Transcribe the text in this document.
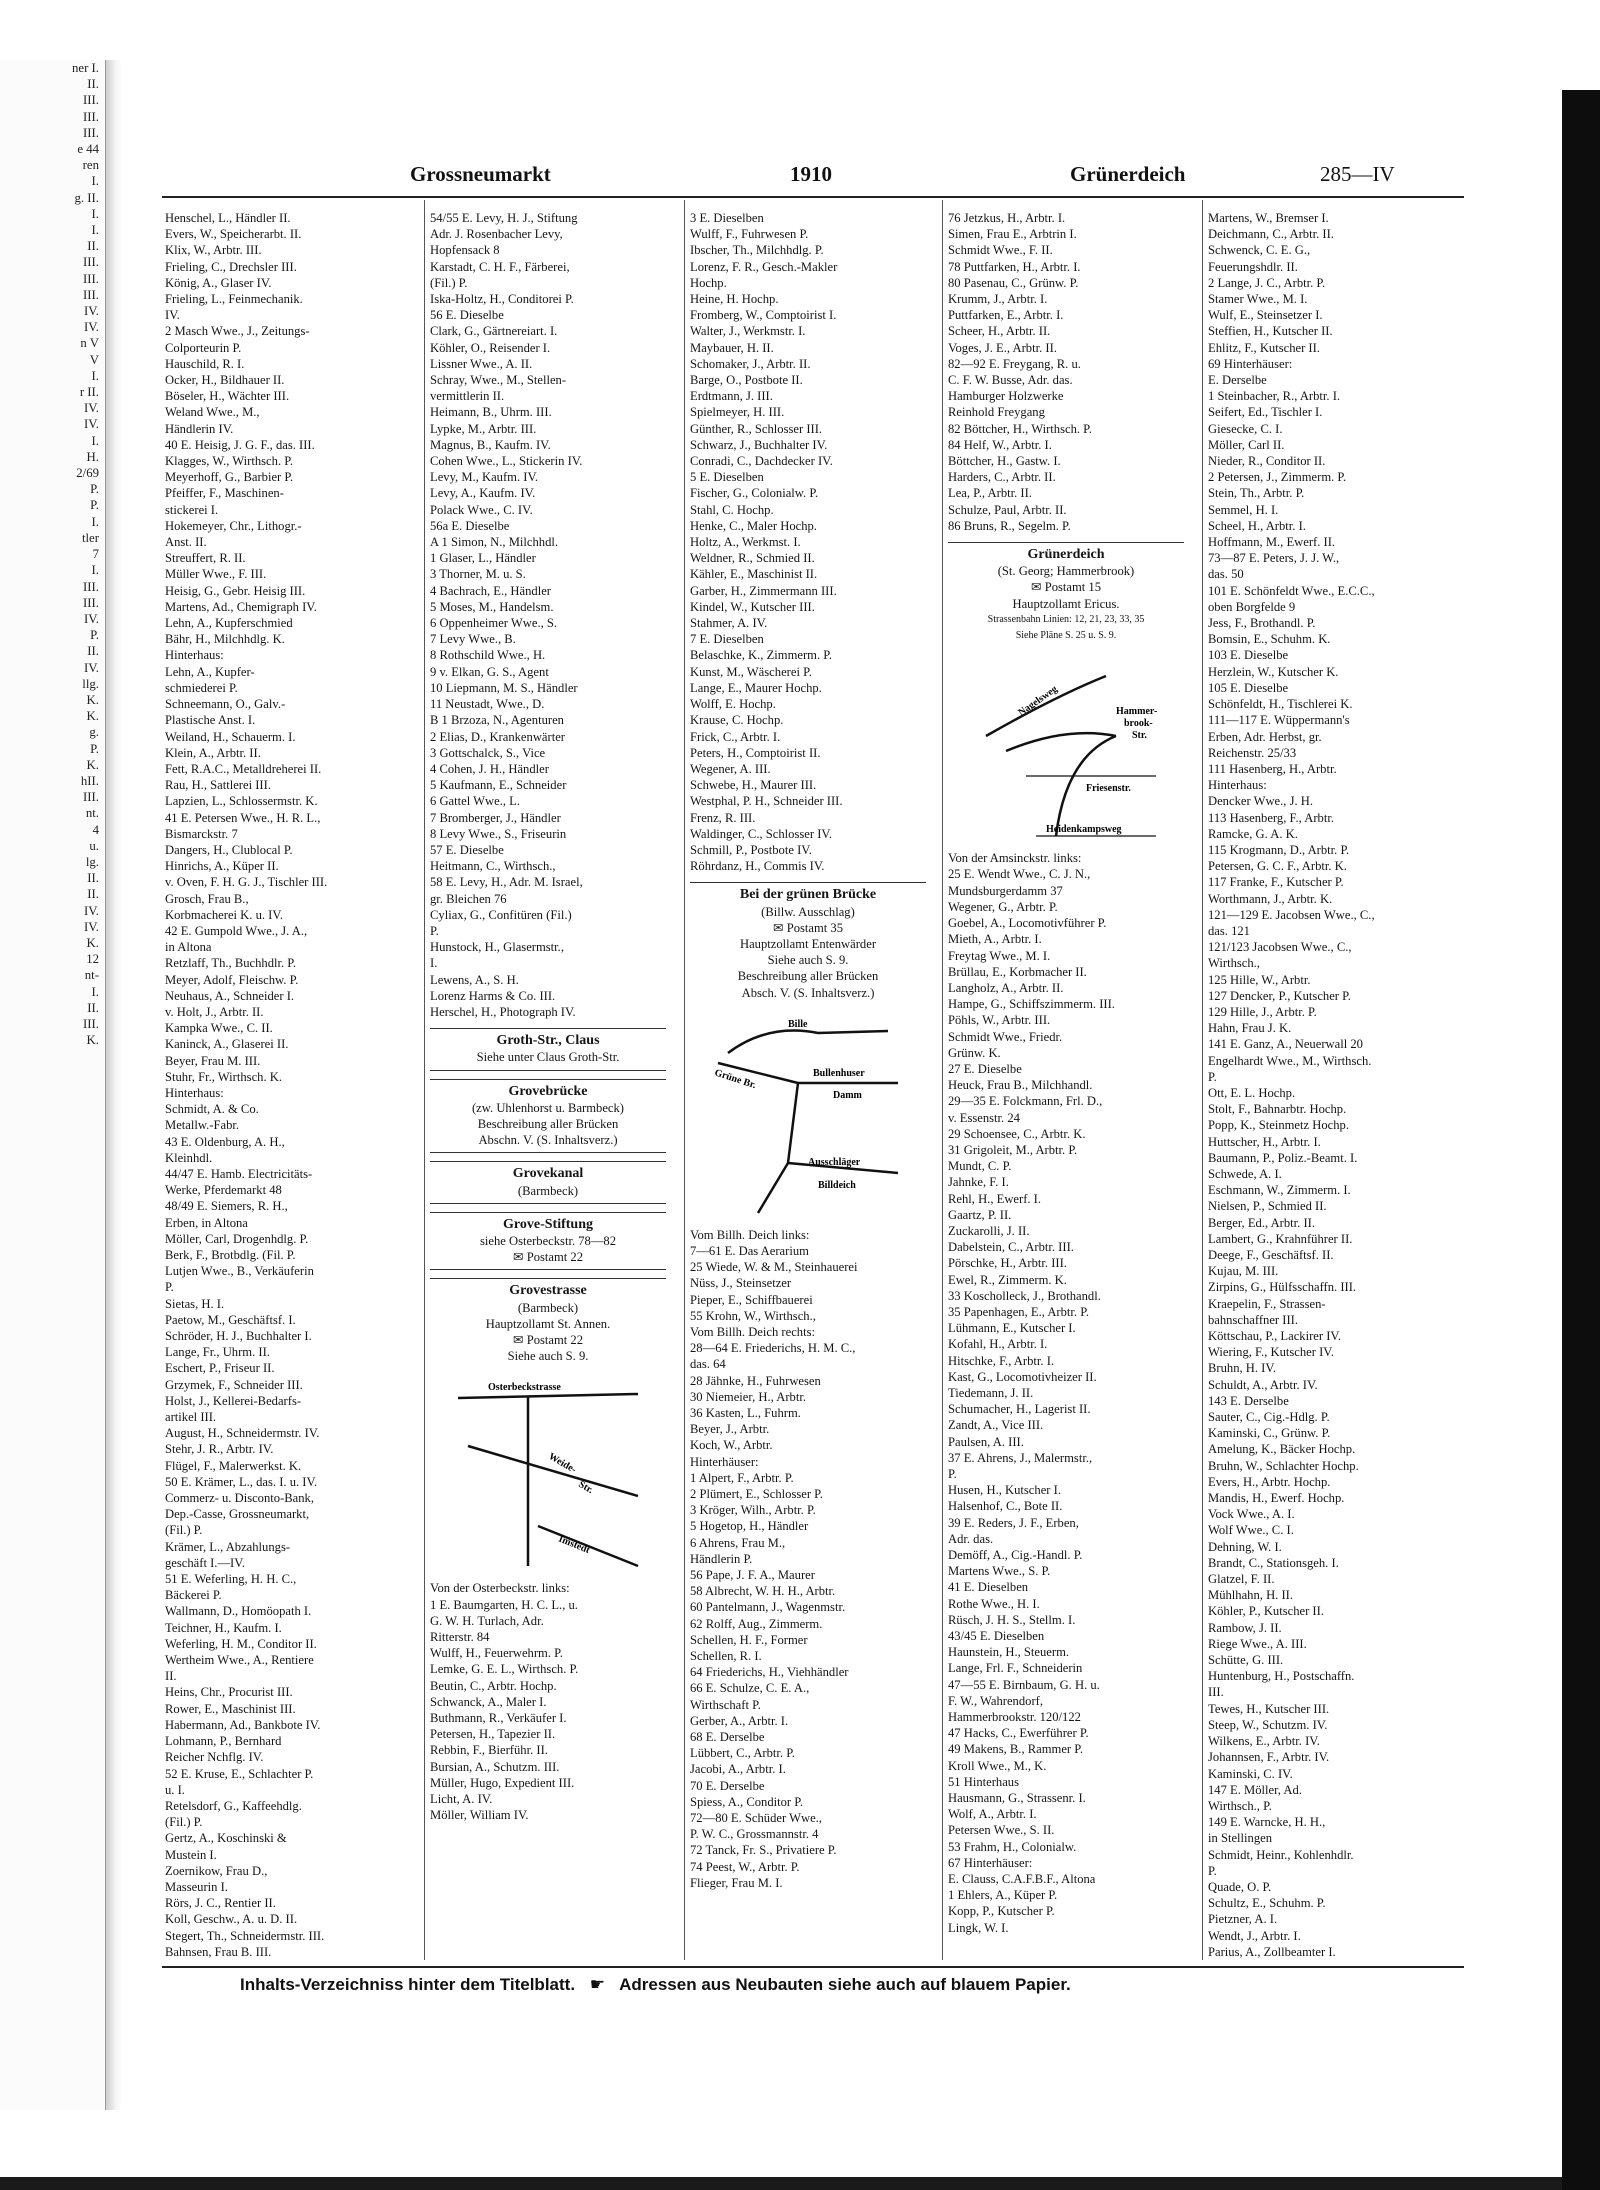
ner I.
II.
III.
III.
III.
e 44
ren
I.
g. II.
I.
I.
II.
III.
III.
III.
IV.
IV.
n V
V
I.
r II.
IV.
IV.
I.
H.
2/69
P.
P.
I.
tler
7
I.
III.
III.
IV.
P.
II.
IV.
llg.
K.
K.
g.
P.
K.
hII.
III.
nt.
4
u.
lg.
II.
II.
IV.
IV.
K.
12
nt-
I.
II.
III.
K.
Grossneumarkt	1910	Grünerdeich	285—IV
Henschel, L., Händler II.
Evers, W., Speicherarbt. II.
Klix, W., Arbtr. III.
Frieling, C., Drechsler III.
König, A., Glaser IV.
Frieling, L., Feinmechanik.
IV.
2 Masch Wwe., J., Zeitungs-
Colporteurin P.
Hauschild, R. I.
Ocker, H., Bildhauer II.
Böseler, H., Wächter III.
Weland Wwe., M.,
Händlerin IV.
40 E. Heisig, J. G. F., das. III.
Klagges, W., Wirthsch. P.
Meyerhoff, G., Barbier P.
Pfeiffer, F., Maschinen-
stickerei I.
Hokemeyer, Chr., Lithogr.-
Anst. II.
Streuffert, R. II.
Müller Wwe., F. III.
Heisig, G., Gebr. Heisig III.
Martens, Ad., Chemigraph IV.
Lehn, A., Kupferschmied
Bähr, H., Milchhdlg. K.
Hinterhaus:
Lehn, A., Kupfer-
schmiederei P.
Schneemann, O., Galv.-
Plastische Anst. I.
Weiland, H., Schauerm. I.
Klein, A., Arbtr. II.
Fett, R.A.C., Metalldreherei II.
Rau, H., Sattlerei III.
Lapzien, L., Schlossermstr. K.
41 E. Petersen Wwe., H. R. L.,
Bismarckstr. 7
Dangers, H., Clublocal P.
Hinrichs, A., Küper II.
v. Oven, F. H. G. J., Tischler III.
Grosch, Frau B.,
Korbmacherei K. u. IV.
42 E. Gumpold Wwe., J. A.,
in Altona
Retzlaff, Th., Buchhdlr. P.
Meyer, Adolf, Fleischw. P.
Neuhaus, A., Schneider I.
v. Holt, J., Arbtr. II.
Kampka Wwe., C. II.
Kaninck, A., Glaserei II.
Beyer, Frau M. III.
Stuhr, Fr., Wirthsch. K.
Hinterhaus:
Schmidt, A. & Co.
Metallw.-Fabr.
43 E. Oldenburg, A. H.,
Kleinhdl.
44/47 E. Hamb. Electricitäts-
Werke, Pferdemarkt 48
48/49 E. Siemers, R. H.,
Erben, in Altona
Möller, Carl, Drogenhdlg. P.
Berk, F., Brotbdlg. (Fil. P.
Lutjen Wwe., B., Verkäuferin
P.
Sietas, H. I.
Paetow, M., Geschäftsf. I.
Schröder, H. J., Buchhalter I.
Lange, Fr., Uhrm. II.
Eschert, P., Friseur II.
Grzymek, F., Schneider III.
Holst, J., Kellerei-Bedarfs-
artikel III.
August, H., Schneidermstr. IV.
Stehr, J. R., Arbtr. IV.
Flügel, F., Malerwerkst. K.
50 E. Krämer, L., das. I. u. IV.
Commerz- u. Disconto-Bank,
Dep.-Casse, Grossneumarkt,
(Fil.) P.
Krämer, L., Abzahlungs-
geschäft I.—IV.
51 E. Weferling, H. H. C.,
Bäckerei P.
Wallmann, D., Homöopath I.
Teichner, H., Kaufm. I.
Weferling, H. M., Conditor II.
Wertheim Wwe., A., Rentiere
II.
Heins, Chr., Procurist III.
Rower, E., Maschinist III.
Habermann, Ad., Bankbote IV.
Lohmann, P., Bernhard
Reicher Nchflg. IV.
52 E. Kruse, E., Schlachter P.
u. I.
Retelsdorf, G., Kaffeehdlg.
(Fil.) P.
Gertz, A., Koschinski &
Mustein I.
Zoernikow, Frau D.,
Masseurin I.
Rörs, J. C., Rentier II.
Koll, Geschw., A. u. D. II.
Stegert, Th., Schneidermstr. III.
Bahnsen, Frau B. III.
54/55 E. Levy, H. J., Stiftung
Adr. J. Rosenbacher Levy,
Hopfensack 8
Karstadt, C. H. F., Färberei,
(Fil.) P.
Iska-Holtz, H., Conditorei P.
56 E. Dieselbe
Clark, G., Gärtnereiart. I.
Köhler, O., Reisender I.
Lissner Wwe., A. II.
Schray, Wwe., M., Stellen-
vermittlerin II.
Heimann, B., Uhrm. III.
Lypke, M., Arbtr. III.
Magnus, B., Kaufm. IV.
Cohen Wwe., L., Stickerin IV.
Levy, M., Kaufm. IV.
Levy, A., Kaufm. IV.
Polack Wwe., C. IV.
56a E. Dieselbe
A 1 Simon, N., Milchhdl.
1 Glaser, L., Händler
3 Thorner, M. u. S.
4 Bachrach, E., Händler
5 Moses, M., Handelsm.
6 Oppenheimer Wwe., S.
7 Levy Wwe., B.
8 Rothschild Wwe., H.
9 v. Elkan, G. S., Agent
10 Liepmann, M. S., Händler
11 Neustadt, Wwe., D.
B 1 Brzoza, N., Agenturen
2 Elias, D., Krankenwärter
3 Gottschalck, S., Vice
4 Cohen, J. H., Händler
5 Kaufmann, E., Schneider
6 Gattel Wwe., L.
7 Bromberger, J., Händler
8 Levy Wwe., S., Friseurin
57 E. Dieselbe
Heitmann, C., Wirthsch.,
58 E. Levy, H., Adr. M. Israel,
gr. Bleichen 76
Cyliax, G., Confitüren (Fil.)
P.
Hunstock, H., Glasermstr.,
I.
Lewens, A., S. H.
Lorenz Harms & Co. III.
Herschel, H., Photograph IV.
Groth-Str., Claus
Siehe unter Claus Groth-Str.
Grovebrücke
(zw. Uhlenhorst u. Barmbeck)
Beschreibung aller Brücken
Abschn. V. (S. Inhaltsverz.)
Grovekanal
(Barmbeck)
Grove-Stiftung
siehe Osterbeckstr. 78—82
✉ Postamt 22
Grovestrasse
(Barmbeck)
Hauptzollamt St. Annen.
✉ Postamt 22
Siehe auch S. 9.
Osterbeckstrasse
Weide-
Str.
Imstedt
Von der Osterbeckstr. links:
1 E. Baumgarten, H. C. L., u.
G. W. H. Turlach, Adr.
Ritterstr. 84
Wulff, H., Feuerwehrm. P.
Lemke, G. E. L., Wirthsch. P.
Beutin, C., Arbtr. Hochp.
Schwanck, A., Maler I.
Buthmann, R., Verkäufer I.
Petersen, H., Tapezier II.
Rebbin, F., Bierführ. II.
Bursian, A., Schutzm. III.
Müller, Hugo, Expedient III.
Licht, A. IV.
Möller, William IV.
3 E. Dieselben
Wulff, F., Fuhrwesen P.
Ibscher, Th., Milchhdlg. P.
Lorenz, F. R., Gesch.-Makler
Hochp.
Heine, H. Hochp.
Fromberg, W., Comptoirist I.
Walter, J., Werkmstr. I.
Maybauer, H. II.
Schomaker, J., Arbtr. II.
Barge, O., Postbote II.
Erdtmann, J. III.
Spielmeyer, H. III.
Günther, R., Schlosser III.
Schwarz, J., Buchhalter IV.
Conradi, C., Dachdecker IV.
5 E. Dieselben
Fischer, G., Colonialw. P.
Stahl, C. Hochp.
Henke, C., Maler Hochp.
Holtz, A., Werkmst. I.
Weldner, R., Schmied II.
Kähler, E., Maschinist II.
Garber, H., Zimmermann III.
Kindel, W., Kutscher III.
Stahmer, A. IV.
7 E. Dieselben
Belaschke, K., Zimmerm. P.
Kunst, M., Wäscherei P.
Lange, E., Maurer Hochp.
Wolff, E. Hochp.
Krause, C. Hochp.
Frick, C., Arbtr. I.
Peters, H., Comptoirist II.
Wegener, A. III.
Schwebe, H., Maurer III.
Westphal, P. H., Schneider III.
Frenz, R. III.
Waldinger, C., Schlosser IV.
Schmill, P., Postbote IV.
Röhrdanz, H., Commis IV.
Bei der grünen Brücke
(Billw. Ausschlag)
✉ Postamt 35
Hauptzollamt Entenwärder
Siehe auch S. 9.
Beschreibung aller Brücken
Absch. V. (S. Inhaltsverz.)
Bille
Grüne Br.	Bullenhuser
Damm
Ausschläger
Billdeich
Vom Billh. Deich links:
7—61 E. Das Aerarium
25 Wiede, W. & M., Steinhauerei
Nüss, J., Steinsetzer
Pieper, E., Schiffbauerei
55 Krohn, W., Wirthsch.,
Vom Billh. Deich rechts:
28—64 E. Friederichs, H. M. C.,
das. 64
28 Jähnke, H., Fuhrwesen
30 Niemeier, H., Arbtr.
36 Kasten, L., Fuhrm.
Beyer, J., Arbtr.
Koch, W., Arbtr.
Hinterhäuser:
1 Alpert, F., Arbtr. P.
2 Plümert, E., Schlosser P.
3 Kröger, Wilh., Arbtr. P.
5 Hogetop, H., Händler
6 Ahrens, Frau M.,
Händlerin P.
56 Pape, J. F. A., Maurer
58 Albrecht, W. H. H., Arbtr.
60 Pantelmann, J., Wagenmstr.
62 Rolff, Aug., Zimmerm.
Schellen, H. F., Former
Schellen, R. I.
64 Friederichs, H., Viehhändler
66 E. Schulze, C. E. A.,
Wirthschaft P.
Gerber, A., Arbtr. I.
68 E. Derselbe
Lübbert, C., Arbtr. P.
Jacobi, A., Arbtr. I.
70 E. Derselbe
Spiess, A., Conditor P.
72—80 E. Schüder Wwe.,
P. W. C., Grossmannstr. 4
72 Tanck, Fr. S., Privatiere P.
74 Peest, W., Arbtr. P.
Flieger, Frau M. I.
76 Jetzkus, H., Arbtr. I.
Simen, Frau E., Arbtrin I.
Schmidt Wwe., F. II.
78 Puttfarken, H., Arbtr. I.
80 Pasenau, C., Grünw. P.
Krumm, J., Arbtr. I.
Puttfarken, E., Arbtr. I.
Scheer, H., Arbtr. II.
Voges, J. E., Arbtr. II.
82—92 E. Freygang, R. u.
C. F. W. Busse, Adr. das.
Hamburger Holzwerke
Reinhold Freygang
82 Böttcher, H., Wirthsch. P.
84 Helf, W., Arbtr. I.
Böttcher, H., Gastw. I.
Harders, C., Arbtr. II.
Lea, P., Arbtr. II.
Schulze, Paul, Arbtr. II.
86 Bruns, R., Segelm. P.
Grünerdeich
(St. Georg; Hammerbrook)
✉ Postamt 15
Hauptzollamt Ericus.
Strassenbahn Linien: 12, 21, 23, 33, 35
Siehe Pläne S. 25 u. S. 9.
Nagelsweg	Hammer-
brook-
Str.
Friesenstr.
Heidenkampsweg
Von der Amsinckstr. links:
25 E. Wendt Wwe., C. J. N.,
Mundsburgerdamm 37
Wegener, G., Arbtr. P.
Goebel, A., Locomotivführer P.
Mieth, A., Arbtr. I.
Freytag Wwe., M. I.
Brüllau, E., Korbmacher II.
Langholz, A., Arbtr. II.
Hampe, G., Schiffszimmerm. III.
Pöhls, W., Arbtr. III.
Schmidt Wwe., Friedr.
Grünw. K.
27 E. Dieselbe
Heuck, Frau B., Milchhandl.
29—35 E. Folckmann, Frl. D.,
v. Essenstr. 24
29 Schoensee, C., Arbtr. K.
31 Grigoleit, M., Arbtr. P.
Mundt, C. P.
Jahnke, F. I.
Rehl, H., Ewerf. I.
Gaartz, P. II.
Zuckarolli, J. II.
Dabelstein, C., Arbtr. III.
Pörschke, H., Arbtr. III.
Ewel, R., Zimmerm. K.
33 Koscholleck, J., Brothandl.
35 Papenhagen, E., Arbtr. P.
Lühmann, E., Kutscher I.
Kofahl, H., Arbtr. I.
Hitschke, F., Arbtr. I.
Kast, G., Locomotivheizer II.
Tiedemann, J. II.
Schumacher, H., Lagerist II.
Zandt, A., Vice III.
Paulsen, A. III.
37 E. Ahrens, J., Malermstr.,
P.
Husen, H., Kutscher I.
Halsenhof, C., Bote II.
39 E. Reders, J. F., Erben,
Adr. das.
Demöff, A., Cig.-Handl. P.
Martens Wwe., S. P.
41 E. Dieselben
Rothe Wwe., H. I.
Rüsch, J. H. S., Stellm. I.
43/45 E. Dieselben
Haunstein, H., Steuerm.
Lange, Frl. F., Schneiderin
47—55 E. Birnbaum, G. H. u.
F. W., Wahrendorf,
Hammerbrookstr. 120/122
47 Hacks, C., Ewerführer P.
49 Makens, B., Rammer P.
Kroll Wwe., M., K.
51 Hinterhaus
Hausmann, G., Strassenr. I.
Wolf, A., Arbtr. I.
Petersen Wwe., S. II.
53 Frahm, H., Colonialw.
67 Hinterhäuser:
E. Clauss, C.A.F.B.F., Altona
1 Ehlers, A., Küper P.
Kopp, P., Kutscher P.
Lingk, W. I.
Martens, W., Bremser I.
Deichmann, C., Arbtr. II.
Schwenck, C. E. G.,
Feuerungshdlr. II.
2 Lange, J. C., Arbtr. P.
Stamer Wwe., M. I.
Wulf, E., Steinsetzer I.
Steffien, H., Kutscher II.
Ehlitz, F., Kutscher II.
69 Hinterhäuser:
E. Derselbe
1 Steinbacher, R., Arbtr. I.
Seifert, Ed., Tischler I.
Giesecke, C. I.
Möller, Carl II.
Nieder, R., Conditor II.
2 Petersen, J., Zimmerm. P.
Stein, Th., Arbtr. P.
Semmel, H. I.
Scheel, H., Arbtr. I.
Hoffmann, M., Ewerf. II.
73—87 E. Peters, J. J. W.,
das. 50
101 E. Schönfeldt Wwe., E.C.C.,
oben Borgfelde 9
Jess, F., Brothandl. P.
Bomsin, E., Schuhm. K.
103 E. Dieselbe
Herzlein, W., Kutscher K.
105 E. Dieselbe
Schönfeldt, H., Tischlerei K.
111—117 E. Wüppermann's
Erben, Adr. Herbst, gr.
Reichenstr. 25/33
111 Hasenberg, H., Arbtr.
Hinterhaus:
Dencker Wwe., J. H.
113 Hasenberg, F., Arbtr.
Ramcke, G. A. K.
115 Krogmann, D., Arbtr. P.
Petersen, G. C. F., Arbtr. K.
117 Franke, F., Kutscher P.
Worthmann, J., Arbtr. K.
121—129 E. Jacobsen Wwe., C.,
das. 121
121/123 Jacobsen Wwe., C.,
Wirthsch.,
125 Hille, W., Arbtr.
127 Dencker, P., Kutscher P.
129 Hille, J., Arbtr. P.
Hahn, Frau J. K.
141 E. Ganz, A., Neuerwall 20
Engelhardt Wwe., M., Wirthsch.
P.
Ott, E. L. Hochp.
Stolt, F., Bahnarbtr. Hochp.
Popp, K., Steinmetz Hochp.
Huttscher, H., Arbtr. I.
Baumann, P., Poliz.-Beamt. I.
Schwede, A. I.
Eschmann, W., Zimmerm. I.
Nielsen, P., Schmied II.
Berger, Ed., Arbtr. II.
Lambert, G., Krahnführer II.
Deege, F., Geschäftsf. II.
Kujau, M. III.
Zirpins, G., Hülfsschaffn. III.
Kraepelin, F., Strassen-
bahnschaffner III.
Köttschau, P., Lackirer IV.
Wiering, F., Kutscher IV.
Bruhn, H. IV.
Schuldt, A., Arbtr. IV.
143 E. Derselbe
Sauter, C., Cig.-Hdlg. P.
Kaminski, C., Grünw. P.
Amelung, K., Bäcker Hochp.
Bruhn, W., Schlachter Hochp.
Evers, H., Arbtr. Hochp.
Mandis, H., Ewerf. Hochp.
Vock Wwe., A. I.
Wolf Wwe., C. I.
Dehning, W. I.
Brandt, C., Stationsgeh. I.
Glatzel, F. II.
Mühlhahn, H. II.
Köhler, P., Kutscher II.
Rambow, J. II.
Riege Wwe., A. III.
Schütte, G. III.
Huntenburg, H., Postschaffn.
III.
Tewes, H., Kutscher III.
Steep, W., Schutzm. IV.
Wilkens, E., Arbtr. IV.
Johannsen, F., Arbtr. IV.
Kaminski, C. IV.
147 E. Möller, Ad.
Wirthsch., P.
149 E. Warncke, H. H.,
in Stellingen
Schmidt, Heinr., Kohlenhdlr.
P.
Quade, O. P.
Schultz, E., Schuhm. P.
Pietzner, A. I.
Wendt, J., Arbtr. I.
Parius, A., Zollbeamter I.
Inhalts-Verzeichniss hinter dem Titelblatt. ☛ Adressen aus Neubauten siehe auch auf blauem Papier.
